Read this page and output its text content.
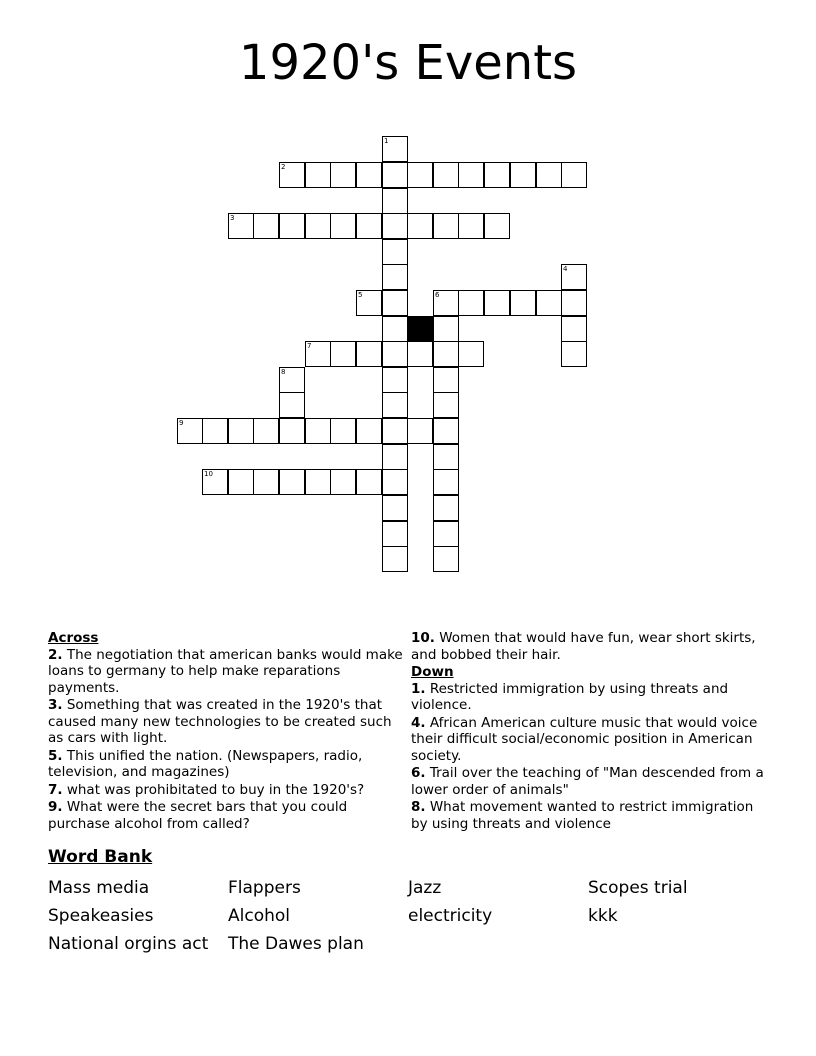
1920's Events
1
2
3
4
5	6
7
8
9
10
Across
2. The negotiation that american banks would make loans to germany to help make reparations payments.
3. Something that was created in the 1920's that caused many new technologies to be created such as cars with light.
5. This unified the nation. (Newspapers, radio, television, and magazines)
7. what was prohibitated to buy in the 1920's?
9. What were the secret bars that you could purchase alcohol from called?
10. Women that would have fun, wear short skirts, and bobbed their hair.
Down
1. Restricted immigration by using threats and violence.
4. African American culture music that would voice their difficult social/economic position in American society.
6. Trail over the teaching of "Man descended from a lower order of animals"
8. What movement wanted to restrict immigration by using threats and violence
Word Bank
Mass media	Flappers	Jazz	Scopes trial
Speakeasies	Alcohol	electricity	kkk
National orgins act	The Dawes plan
